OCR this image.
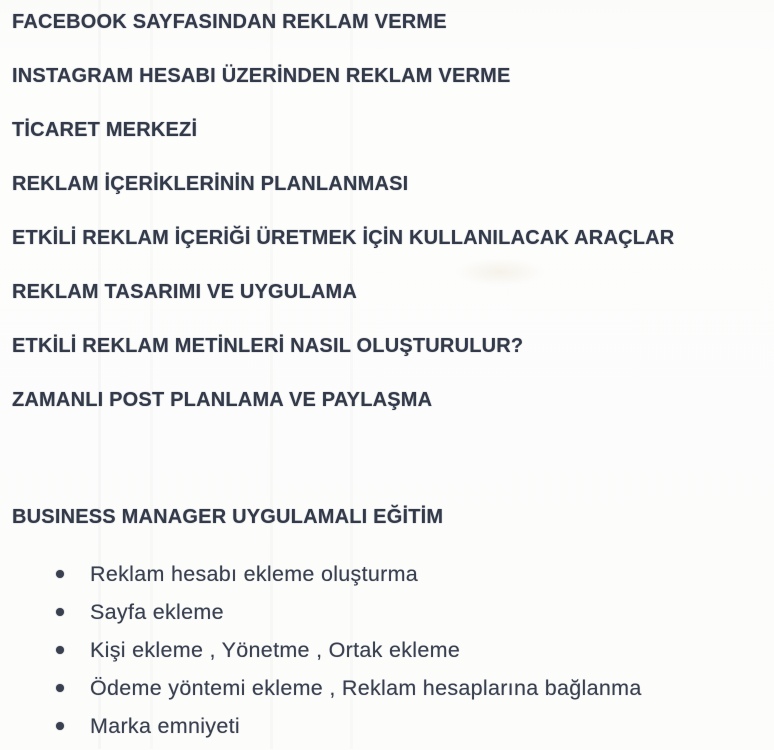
FACEBOOK SAYFASINDAN REKLAM VERME
INSTAGRAM HESABI ÜZERİNDEN REKLAM VERME
TİCARET MERKEZİ
REKLAM İÇERİKLERİNİN PLANLANMASI
ETKİLİ REKLAM İÇERİĞİ ÜRETMEK İÇİN KULLANILACAK ARAÇLAR
REKLAM TASARIMI VE UYGULAMA
ETKİLİ REKLAM METİNLERİ NASIL OLUŞTURULUR?
ZAMANLI POST PLANLAMA VE PAYLAŞMA
BUSINESS MANAGER UYGULAMALI EĞİTİM
Reklam hesabı ekleme oluşturma
Sayfa ekleme
Kişi ekleme , Yönetme , Ortak ekleme
Ödeme yöntemi ekleme , Reklam hesaplarına bağlanma
Marka emniyeti
